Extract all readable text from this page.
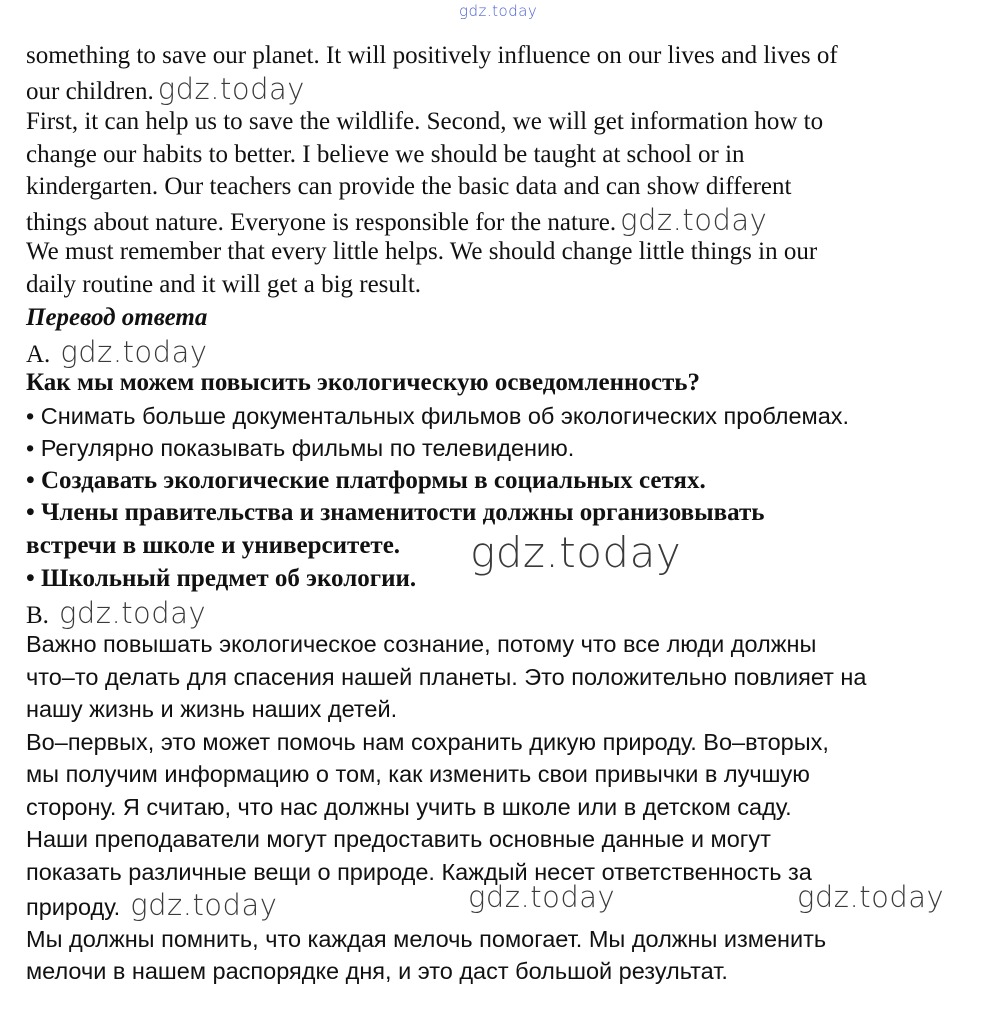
gdz.today
something to save our planet. It will positively influence on our lives and lives of
our children. gdz.today
First, it can help us to save the wildlife. Second, we will get information how to
change our habits to better. I believe we should be taught at school or in
kindergarten. Our teachers can provide the basic data and can show different
things about nature. Everyone is responsible for the nature. gdz.today
We must remember that every little helps. We should change little things in our
daily routine and it will get a big result.
Перевод ответа
A. gdz.today
Как мы можем повысить экологическую осведомленность?
• Снимать больше документальных фильмов об экологических проблемах.
• Регулярно показывать фильмы по телевидению.
• Создавать экологические платформы в социальных сетях.
• Члены правительства и знаменитости должны организовывать
встречи в школе и университете.
• Школьный предмет об экологии.
gdz.today
B. gdz.today
Важно повышать экологическое сознание, потому что все люди должны
что–то делать для спасения нашей планеты. Это положительно повлияет на
нашу жизнь и жизнь наших детей.
Во–первых, это может помочь нам сохранить дикую природу. Во–вторых,
мы получим информацию о том, как изменить свои привычки в лучшую
сторону. Я считаю, что нас должны учить в школе или в детском саду.
Наши преподаватели могут предоставить основные данные и могут
показать различные вещи о природе. Каждый несет ответственность за
природу. gdz.today	gdz.today	gdz.today
Мы должны помнить, что каждая мелочь помогает. Мы должны изменить
мелочи в нашем распорядке дня, и это даст большой результат.
